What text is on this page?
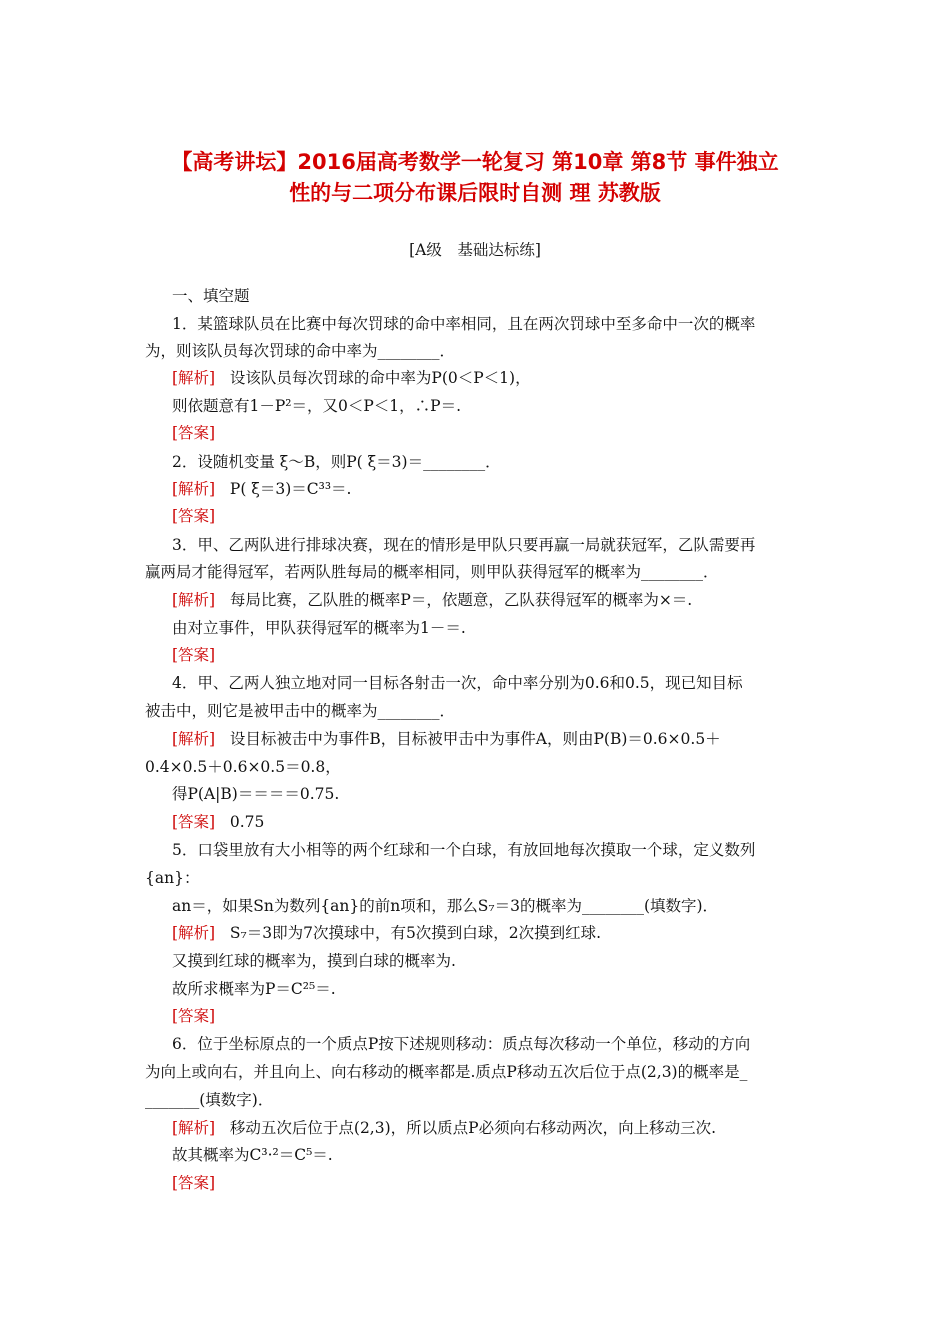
【高考讲坛】2016届高考数学一轮复习 第10章 第8节 事件独立
性的与二项分布课后限时自测 理 苏教版
[A级　基础达标练]
一、填空题
1．某篮球队员在比赛中每次罚球的命中率相同，且在两次罚球中至多命中一次的概率
为，则该队员每次罚球的命中率为________．
[解析] 设该队员每次罚球的命中率为P(0＜P＜1)，
则依题意有1－P²＝，又0＜P＜1，∴P＝.
[答案]
2．设随机变量 ξ～B，则P( ξ＝3)＝________．
[解析] P( ξ＝3)＝C³³＝.
[答案]
3．甲、乙两队进行排球决赛，现在的情形是甲队只要再赢一局就获冠军，乙队需要再
赢两局才能得冠军，若两队胜每局的概率相同，则甲队获得冠军的概率为________．
[解析] 每局比赛，乙队胜的概率P＝，依题意，乙队获得冠军的概率为×＝.
由对立事件，甲队获得冠军的概率为1－＝.
[答案]
4．甲、乙两人独立地对同一目标各射击一次，命中率分别为0.6和0.5，现已知目标
被击中，则它是被甲击中的概率为________．
[解析] 设目标被击中为事件B，目标被甲击中为事件A，则由P(B)＝0.6×0.5＋
0.4×0.5＋0.6×0.5＝0.8，
得P(A|B)＝＝＝＝0.75.
[答案] 0.75
5．口袋里放有大小相等的两个红球和一个白球，有放回地每次摸取一个球，定义数列
{an}：
an＝，如果Sn为数列{an}的前n项和，那么S₇＝3的概率为________(填数字)．
[解析] S₇＝3即为7次摸球中，有5次摸到白球，2次摸到红球.
又摸到红球的概率为，摸到白球的概率为.
故所求概率为P＝C²⁵＝.
[答案]
6．位于坐标原点的一个质点P按下述规则移动：质点每次移动一个单位，移动的方向
为向上或向右，并且向上、向右移动的概率都是.质点P移动五次后位于点(2,3)的概率是_
_______(填数字)．
[解析] 移动五次后位于点(2,3)，所以质点P必须向右移动两次，向上移动三次.
故其概率为C³·²＝C⁵＝.
[答案]
